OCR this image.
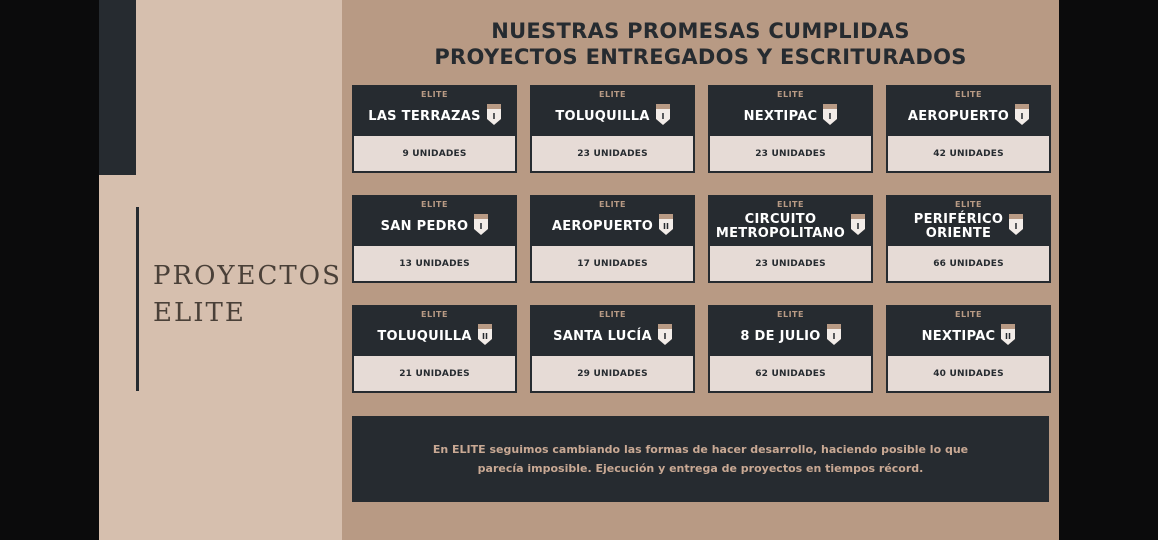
PROYECTOS
ELITE
NUESTRAS PROMESAS CUMPLIDAS
PROYECTOS ENTREGADOS Y ESCRITURADOS
ELITE
LAS TERRAZAS I
9 UNIDADES
ELITE
TOLUQUILLA I
23 UNIDADES
ELITE
NEXTIPAC I
23 UNIDADES
ELITE
AEROPUERTO I
42 UNIDADES
ELITE
SAN PEDRO I
13 UNIDADES
ELITE
AEROPUERTO II
17 UNIDADES
ELITE
CIRCUITO
METROPOLITANO I
23 UNIDADES
ELITE
PERIFÉRICO
ORIENTE	I
66 UNIDADES
ELITE
TOLUQUILLA II
21 UNIDADES
ELITE
SANTA LUCÍA I
29 UNIDADES
ELITE
8 DE JULIO I
62 UNIDADES
ELITE
NEXTIPAC II
40 UNIDADES
En ELITE seguimos cambiando las formas de hacer desarrollo, haciendo posible lo que parecía imposible. Ejecución y entrega de proyectos en tiempos récord.
